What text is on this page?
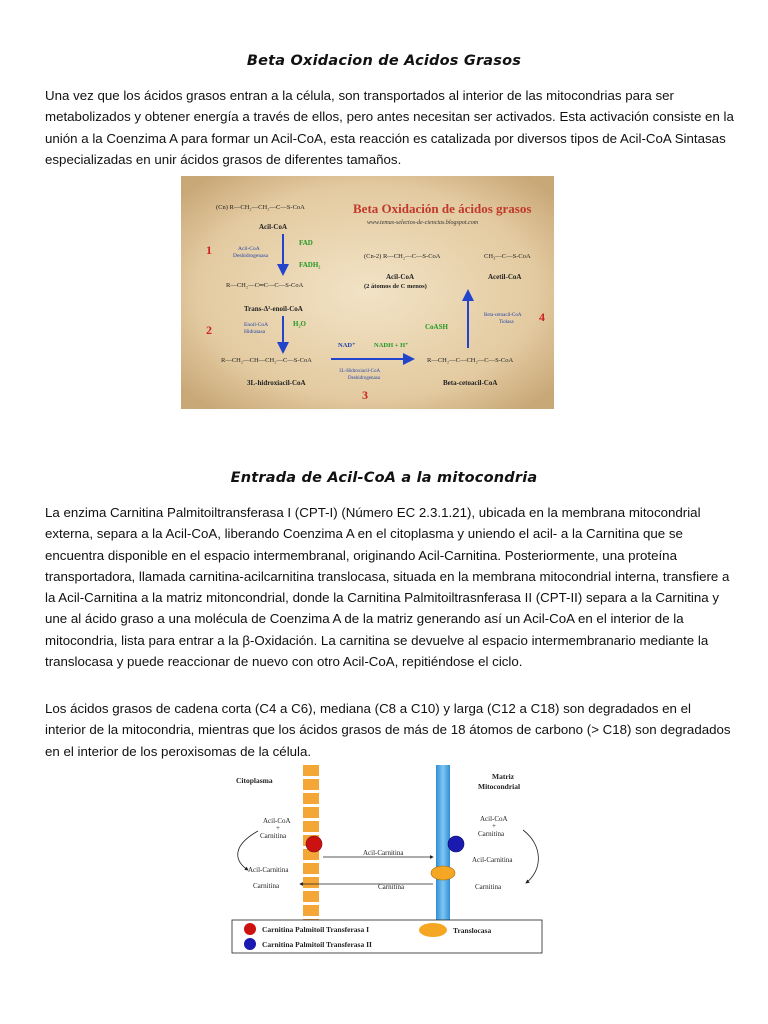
Beta Oxidacion de Acidos Grasos

Una vez que los ácidos grasos entran a la célula, son transportados al interior de las mitocondrias para ser metabolizados y obtener energía a través de ellos, pero antes necesitan ser activados. Esta activación consiste en la unión a la Coenzima A para formar un Acil-CoA, esta reacción es catalizada por diversos tipos de Acil-CoA Sintasas especializadas en unir ácidos grasos de diferentes tamaños.

Beta Oxidación de ácidos grasos
www.temas-selectos-de-ciencias.blogspot.com
(Cn) R—CH₂—CH₂—C—S-CoA
Acil-CoA
1	Acil-CoA
Deshidrogenasa
FAD
FADH₂
R—CH₂—C═C—C—S-CoA
Trans-Δ²-enoil-CoA
2	Enoil-CoA
Hidratasa
H₂O
R—CH₂—CH—CH₂—C—S-CoA
3L-hidroxiacil-CoA
NAD⁺	NADH + H⁺
3L-Hidroxiacil-CoA
Deshidrogenasa
3
R—CH₂—C—CH₂—C—S-CoA
Beta-cetoacil-CoA
CoASH
Beta-cetoacil-CoA
Tiolasa 4
(Cn-2) R—CH₂—C—S-CoA
Acil-CoA
(2 átomos de C menos)
CH₃—C—S-CoA
Acetil-CoA
Entrada de Acil-CoA a la mitocondria

La enzima Carnitina Palmitoiltransferasa I (CPT-I) (Número EC 2.3.1.21), ubicada en la membrana mitocondrial externa, separa a la Acil-CoA, liberando Coenzima A en el citoplasma y uniendo el acil- a la Carnitina que se encuentra disponible en el espacio intermembranal, originando Acil-Carnitina. Posteriormente, una proteína transportadora, llamada carnitina-acilcarnitina translocasa, situada en la membrana mitocondrial interna, transfiere a la Acil-Carnitina a la matriz mitoncondrial, donde la Carnitina Palmitoiltrasnferasa II (CPT-II) separa a la Carnitina y une al ácido graso a una molécula de Coenzima A de la matriz generando así un Acil-CoA en el interior de la mitocondria, lista para entrar a la β-Oxidación. La carnitina se devuelve al espacio intermembranario mediante la translocasa y puede reaccionar de nuevo con otro Acil-CoA, repitiéndose el ciclo.

Los ácidos grasos de cadena corta (C4 a C6), mediana (C8 a C10) y larga (C12 a C18) son degradados en el interior de la mitocondria, mientras que los ácidos grasos de más de 18 átomos de carbono (> C18) son degradados en el interior de los peroxisomas de la célula.

Citoplasma	Matriz
Mitocondrial
Acil-CoA
+
Carnitina
Acil-Carnitina
Carnitina
Acil-Carnitina
Carnitina
Acil-CoA
+
Carnitina
Acil-Carnitina
Carnitina
Carnitina Palmitoil Transferasa I
Carnitina Palmitoil Transferasa II
Translocasa
